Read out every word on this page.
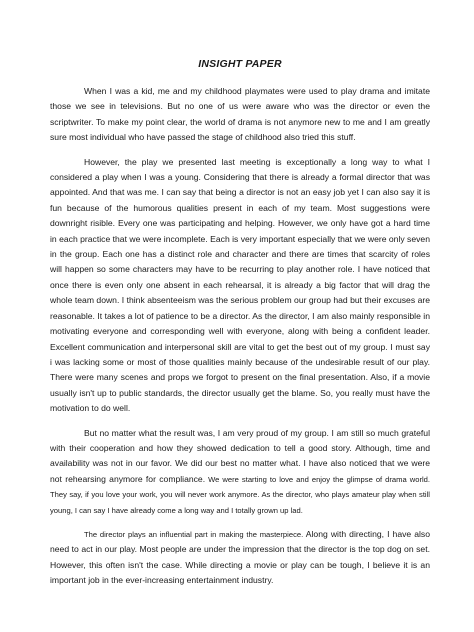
INSIGHT PAPER

When I was a kid, me and my childhood playmates were used to play drama and imitate those we see in televisions. But no one of us were aware who was the director or even the scriptwriter. To make my point clear, the world of drama is not anymore new to me and I am greatly sure most individual who have passed the stage of childhood also tried this stuff.

However, the play we presented last meeting is exceptionally a long way to what I considered a play when I was a young. Considering that there is already a formal director that was appointed. And that was me. I can say that being a director is not an easy job yet I can also say it is fun because of the humorous qualities present in each of my team. Most suggestions were downright risible. Every one was participating and helping. However, we only have got a hard time in each practice that we were incomplete. Each is very important especially that we were only seven in the group. Each one has a distinct role and character and there are times that scarcity of roles will happen so some characters may have to be recurring to play another role. I have noticed that once there is even only one absent in each rehearsal, it is already a big factor that will drag the whole team down. I think absenteeism was the serious problem our group had but their excuses are reasonable. It takes a lot of patience to be a director. As the director, I am also mainly responsible in motivating everyone and corresponding well with everyone, along with being a confident leader. Excellent communication and interpersonal skill are vital to get the best out of my group. I must say i was lacking some or most of those qualities mainly because of the undesirable result of our play. There were many scenes and props we forgot to present on the final presentation. Also, if a movie usually isn't up to public standards, the director usually get the blame. So, you really must have the motivation to do well.

But no matter what the result was, I am very proud of my group. I am still so much grateful with their cooperation and how they showed dedication to tell a good story. Although, time and availability was not in our favor. We did our best no matter what. I have also noticed that we were not rehearsing anymore for compliance. We were starting to love and enjoy the glimpse of drama world. They say, if you love your work, you will never work anymore. As the director, who plays amateur play when still young, I can say I have already come a long way and I totally grown up lad.

The director plays an influential part in making the masterpiece. Along with directing, I have also need to act in our play. Most people are under the impression that the director is the top dog on set. However, this often isn't the case. While directing a movie or play can be tough, I believe it is an important job in the ever-increasing entertainment industry.
